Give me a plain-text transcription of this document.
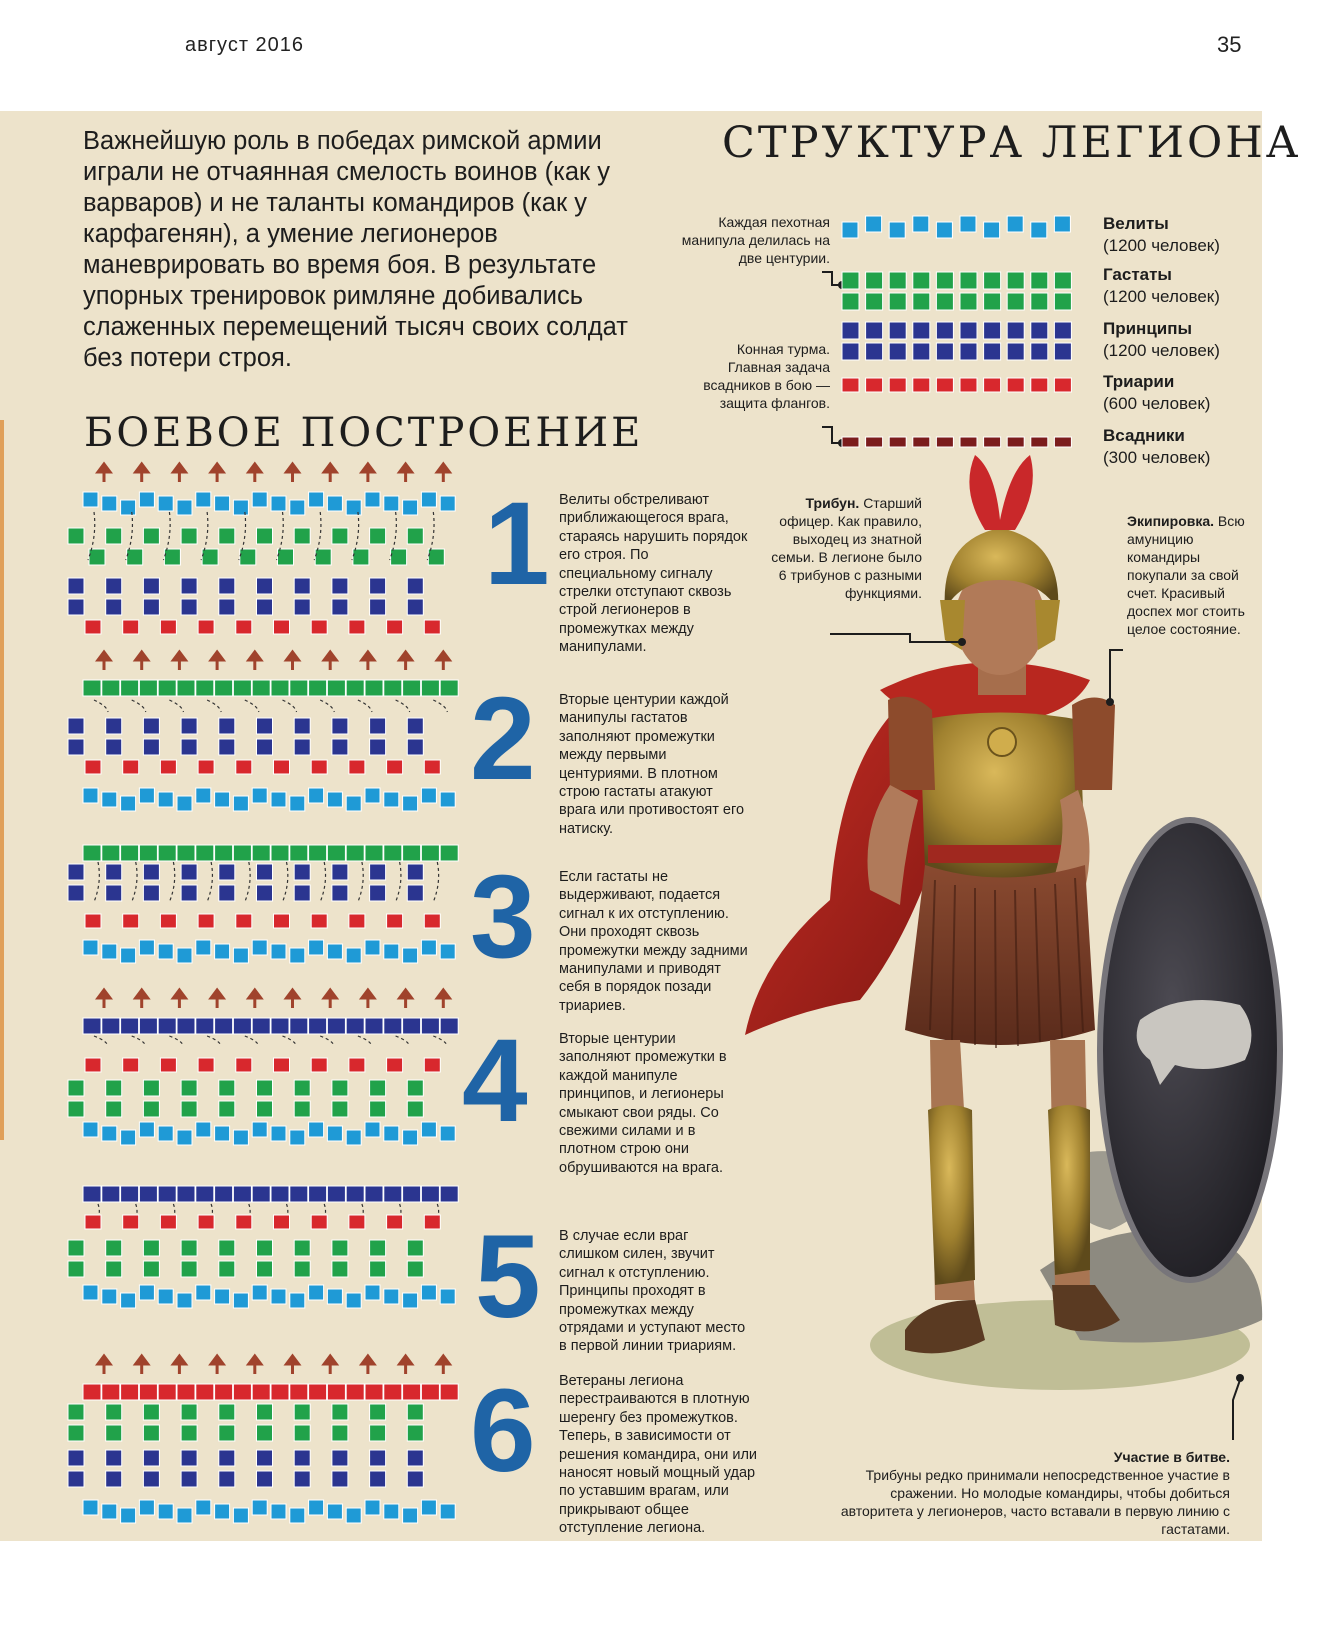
август 2016	35
Важнейшую роль в победах римской армии играли не отчаянная смелость воинов (как у варваров) и не таланты командиров (как у карфагенян), а умение легионеров маневрировать во время боя. В результате упорных тренировок римляне добивались слаженных перемещений тысяч своих солдат без потери строя.
СТРУКТУРА ЛЕГИОНА
БОЕВОЕ ПОСТРОЕНИЕ
Каждая пехотная манипула делилась на две центурии.
Конная турма. Главная задача всадников в бою — защита флангов.
Велиты
(1200 человек)
Гастаты
(1200 человек)
Принципы
(1200 человек)
Триарии
(600 человек)
Всадники
(300 человек)
Велиты обстреливают приближающегося врага, стараясь нарушить порядок его строя. По специальному сигналу стрелки отступают сквозь строй легионеров в промежутках между манипулами.
Вторые центурии каждой манипулы гастатов заполняют промежутки между первыми центуриями. В плотном строю гастаты атакуют врага или противостоят его натиску.
Если гастаты не выдерживают, подается сигнал к их отступлению. Они проходят сквозь промежутки между задними манипулами и приводят себя в порядок позади триариев.
Вторые центурии заполняют промежутки в каждой манипуле принципов, и легионеры смыкают свои ряды. Со свежими силами и в плотном строю они обрушиваются на врага.
В случае если враг слишком силен, звучит сигнал к отступлению. Принципы проходят в промежутках между отрядами и уступают место в первой линии триариям.
Ветераны легиона перестраиваются в плотную шеренгу без промежутков. Теперь, в зависимости от решения командира, они или наносят новый мощный удар по уставшим врагам, или прикрывают общее отступление легиона.
1
2
3
4
5
6
Трибун. Старший офицер. Как правило, выходец из знатной семьи. В легионе было 6 трибунов с разными функциями.
Экипировка. Всю амуницию командиры покупали за свой счет. Красивый доспех мог стоить целое состояние.
Участие в битве.
Трибуны редко принимали непосредственное участие в сражении. Но молодые командиры, чтобы добиться авторитета у легионеров, часто вставали в первую линию с гастатами.
